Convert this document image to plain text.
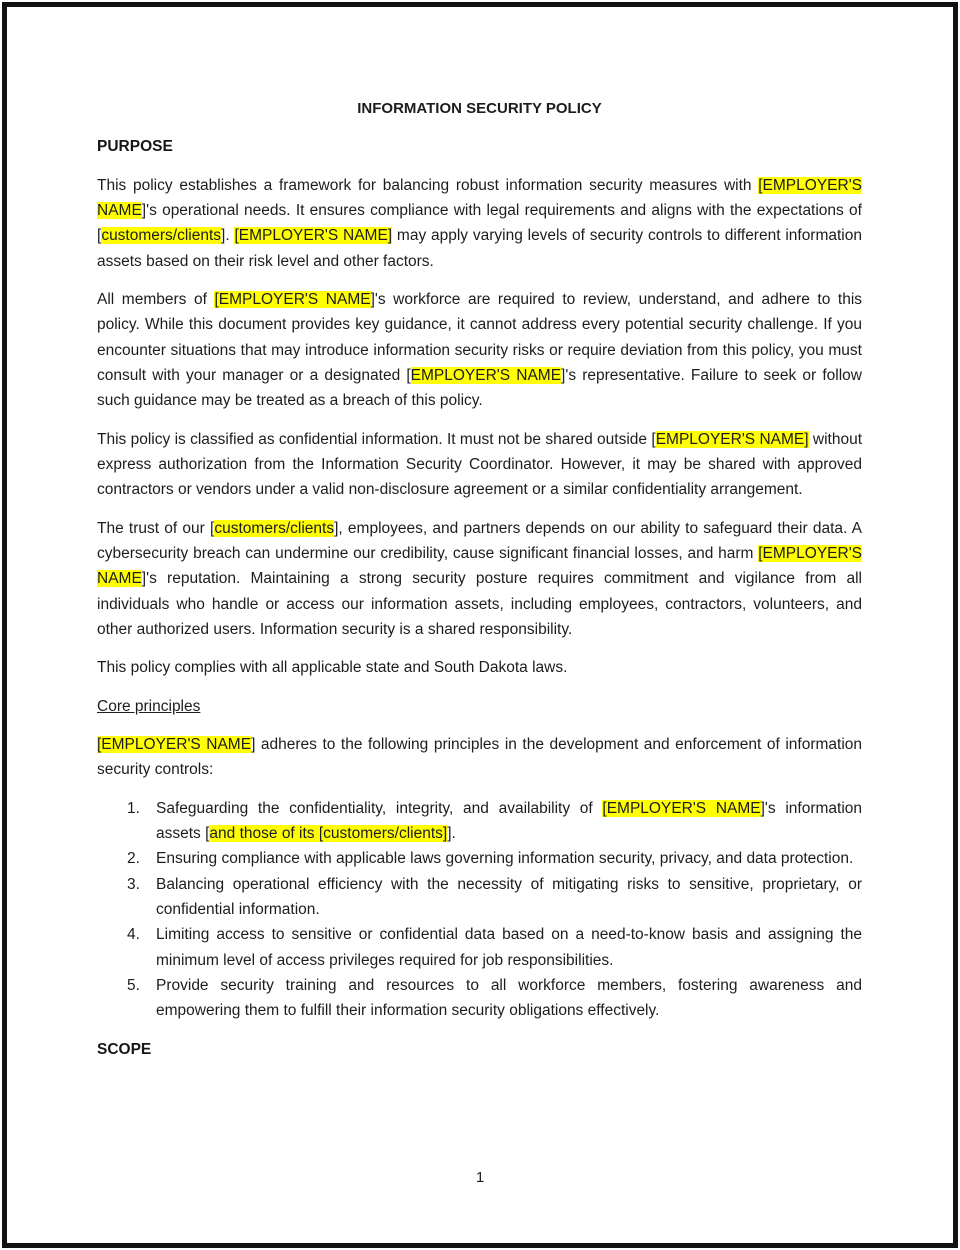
INFORMATION SECURITY POLICY
PURPOSE
This policy establishes a framework for balancing robust information security measures with [EMPLOYER'S NAME]'s operational needs. It ensures compliance with legal requirements and aligns with the expectations of [customers/clients]. [EMPLOYER'S NAME] may apply varying levels of security controls to different information assets based on their risk level and other factors.
All members of [EMPLOYER'S NAME]'s workforce are required to review, understand, and adhere to this policy. While this document provides key guidance, it cannot address every potential security challenge. If you encounter situations that may introduce information security risks or require deviation from this policy, you must consult with your manager or a designated [EMPLOYER'S NAME]'s representative. Failure to seek or follow such guidance may be treated as a breach of this policy.
This policy is classified as confidential information. It must not be shared outside [EMPLOYER'S NAME] without express authorization from the Information Security Coordinator. However, it may be shared with approved contractors or vendors under a valid non-disclosure agreement or a similar confidentiality arrangement.
The trust of our [customers/clients], employees, and partners depends on our ability to safeguard their data. A cybersecurity breach can undermine our credibility, cause significant financial losses, and harm [EMPLOYER'S NAME]'s reputation. Maintaining a strong security posture requires commitment and vigilance from all individuals who handle or access our information assets, including employees, contractors, volunteers, and other authorized users. Information security is a shared responsibility.
This policy complies with all applicable state and South Dakota laws.
Core principles
[EMPLOYER'S NAME] adheres to the following principles in the development and enforcement of information security controls:
1. Safeguarding the confidentiality, integrity, and availability of [EMPLOYER'S NAME]'s information assets [and those of its [customers/clients]].
2. Ensuring compliance with applicable laws governing information security, privacy, and data protection.
3. Balancing operational efficiency with the necessity of mitigating risks to sensitive, proprietary, or confidential information.
4. Limiting access to sensitive or confidential data based on a need-to-know basis and assigning the minimum level of access privileges required for job responsibilities.
5. Provide security training and resources to all workforce members, fostering awareness and empowering them to fulfill their information security obligations effectively.
SCOPE
1
